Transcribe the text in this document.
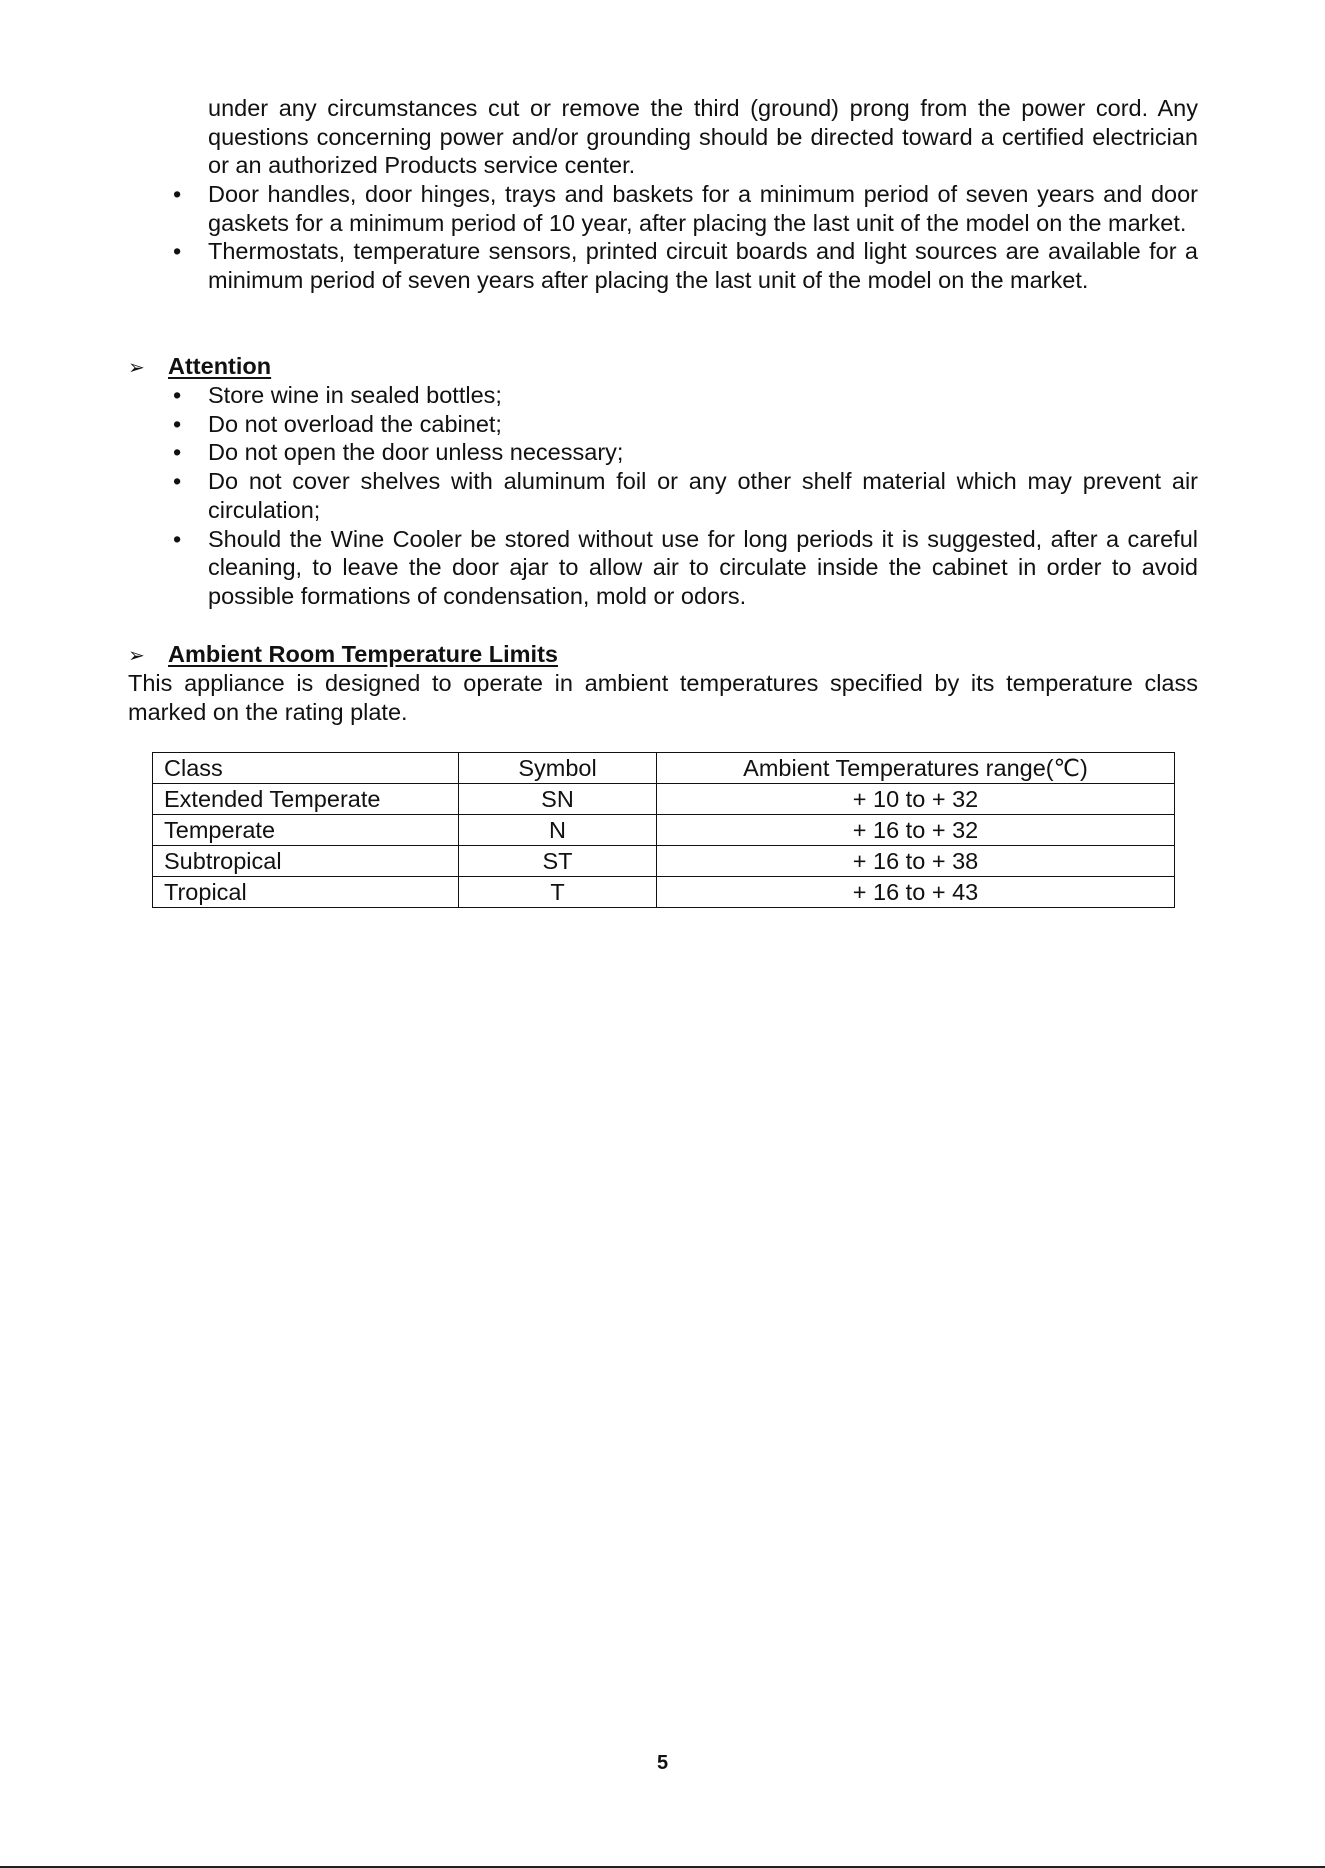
under any circumstances cut or remove the third (ground) prong from the power cord. Any questions concerning power and/or grounding should be directed toward a certified electrician or an authorized Products service center.
•	Door handles, door hinges, trays and baskets for a minimum period of seven years and door gaskets for a minimum period of 10 year, after placing the last unit of the model on the market.
•	Thermostats, temperature sensors, printed circuit boards and light sources are available for a minimum period of seven years after placing the last unit of the model on the market.
➢ Attention
•	Store wine in sealed bottles;
•	Do not overload the cabinet;
•	Do not open the door unless necessary;
•	Do not cover shelves with aluminum foil or any other shelf material which may prevent air circulation;
•	Should the Wine Cooler be stored without use for long periods it is suggested, after a careful cleaning, to leave the door ajar to allow air to circulate inside the cabinet in order to avoid possible formations of condensation, mold or odors.
➢ Ambient Room Temperature Limits
This appliance is designed to operate in ambient temperatures specified by its temperature class marked on the rating plate.
Class	Symbol	Ambient Temperatures range(℃)
Extended Temperate	SN	+ 10 to + 32
Temperate	N	+ 16 to + 32
Subtropical	ST	+ 16 to + 38
Tropical	T	+ 16 to + 43
5
